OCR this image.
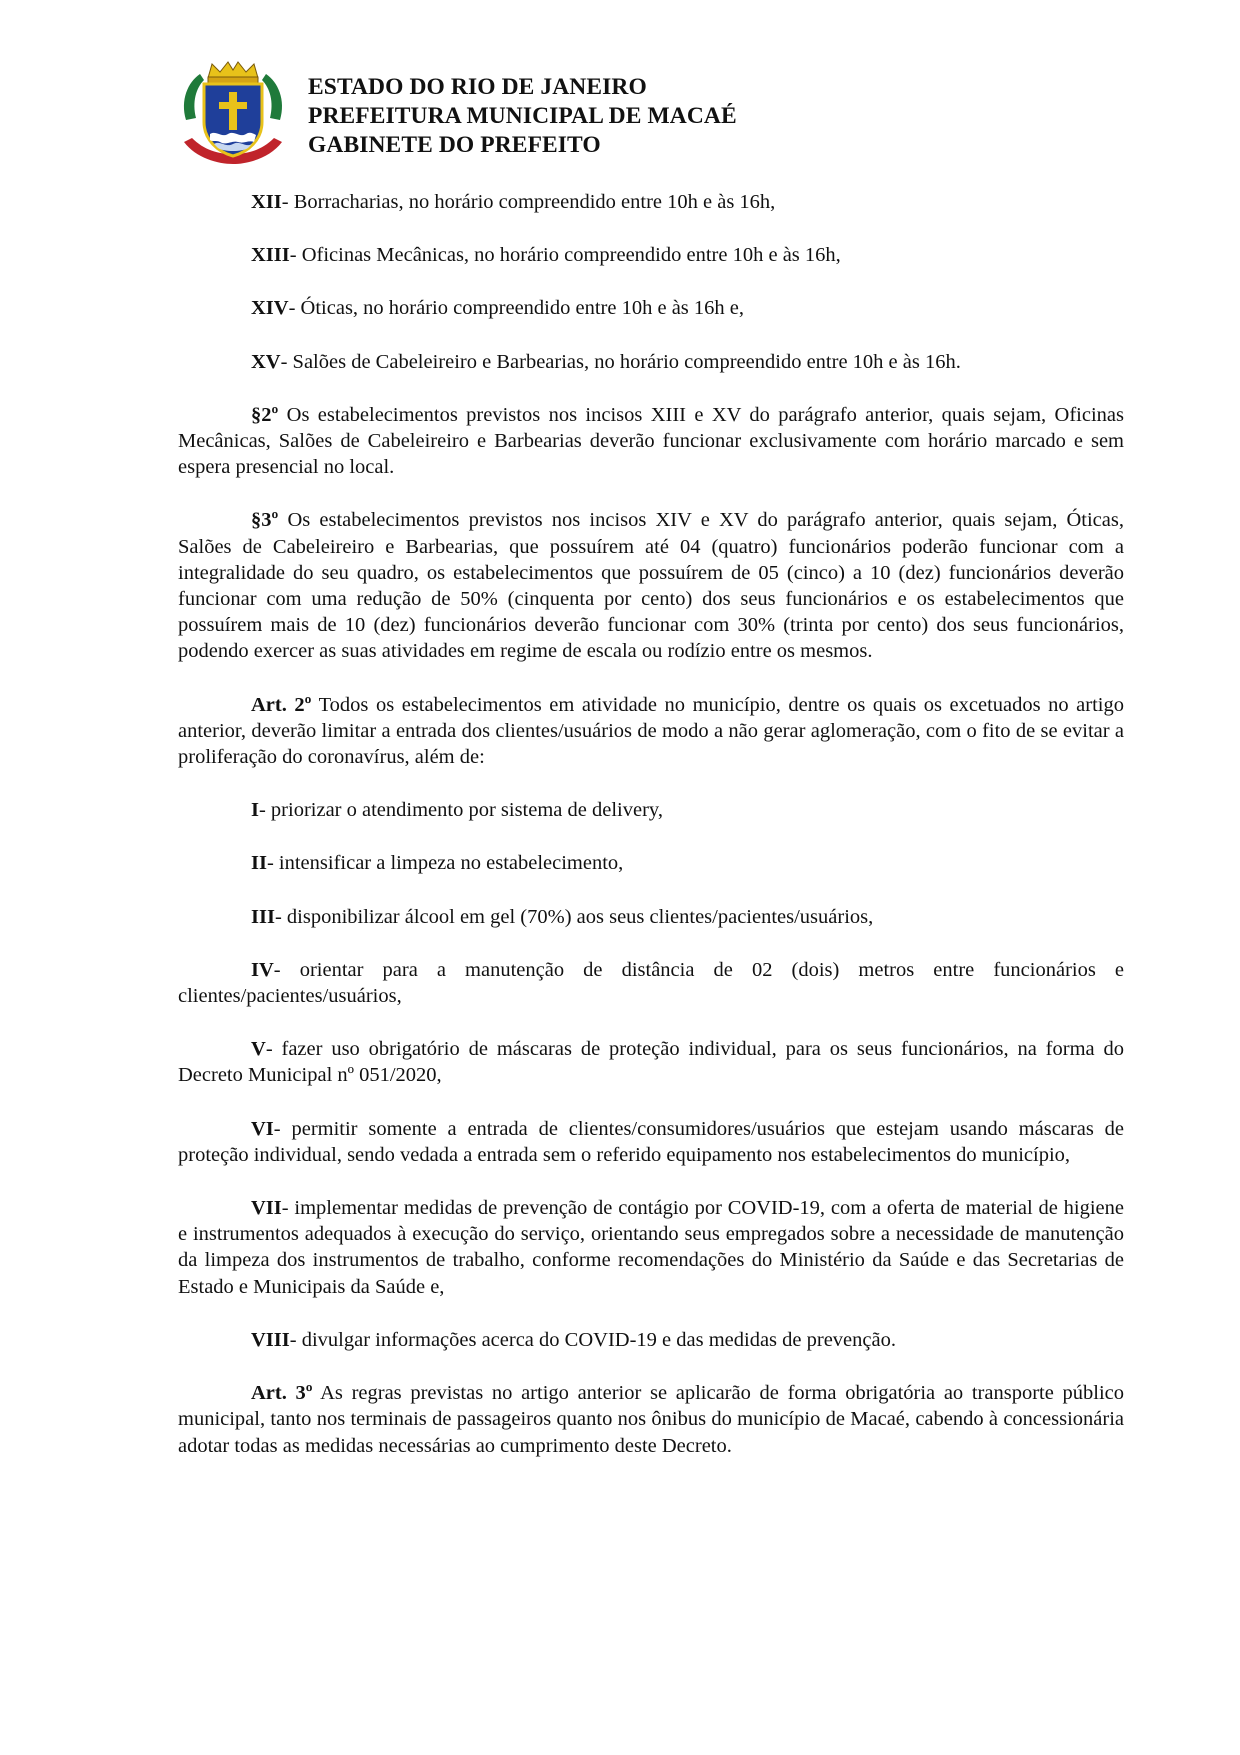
ESTADO DO RIO DE JANEIRO
PREFEITURA MUNICIPAL DE MACAÉ
GABINETE DO PREFEITO
XII- Borracharias, no horário compreendido entre 10h e às 16h,
XIII- Oficinas Mecânicas, no horário compreendido entre 10h e às 16h,
XIV- Óticas, no horário compreendido entre 10h e às 16h e,
XV- Salões de Cabeleireiro e Barbearias, no horário compreendido entre 10h e às 16h.

§2º Os estabelecimentos previstos nos incisos XIII e XV do parágrafo anterior, quais sejam, Oficinas Mecânicas, Salões de Cabeleireiro e Barbearias deverão funcionar exclusivamente com horário marcado e sem espera presencial no local.

§3º Os estabelecimentos previstos nos incisos XIV e XV do parágrafo anterior, quais sejam, Óticas, Salões de Cabeleireiro e Barbearias, que possuírem até 04 (quatro) funcionários poderão funcionar com a integralidade do seu quadro, os estabelecimentos que possuírem de 05 (cinco) a 10 (dez) funcionários deverão funcionar com uma redução de 50% (cinquenta por cento) dos seus funcionários e os estabelecimentos que possuírem mais de 10 (dez) funcionários deverão funcionar com 30% (trinta por cento) dos seus funcionários, podendo exercer as suas atividades em regime de escala ou rodízio entre os mesmos.

Art. 2º Todos os estabelecimentos em atividade no município, dentre os quais os excetuados no artigo anterior, deverão limitar a entrada dos clientes/usuários de modo a não gerar aglomeração, com o fito de se evitar a proliferação do coronavírus, além de:

I- priorizar o atendimento por sistema de delivery,
II- intensificar a limpeza no estabelecimento,
III- disponibilizar álcool em gel (70%) aos seus clientes/pacientes/usuários,

IV- orientar para a manutenção de distância de 02 (dois) metros entre funcionários e clientes/pacientes/usuários,

V- fazer uso obrigatório de máscaras de proteção individual, para os seus funcionários, na forma do Decreto Municipal nº 051/2020,

VI- permitir somente a entrada de clientes/consumidores/usuários que estejam usando máscaras de proteção individual, sendo vedada a entrada sem o referido equipamento nos estabelecimentos do município,

VII- implementar medidas de prevenção de contágio por COVID-19, com a oferta de material de higiene e instrumentos adequados à execução do serviço, orientando seus empregados sobre a necessidade de manutenção da limpeza dos instrumentos de trabalho, conforme recomendações do Ministério da Saúde e das Secretarias de Estado e Municipais da Saúde e,

VIII- divulgar informações acerca do COVID-19 e das medidas de prevenção.

Art. 3º As regras previstas no artigo anterior se aplicarão de forma obrigatória ao transporte público municipal, tanto nos terminais de passageiros quanto nos ônibus do município de Macaé, cabendo à concessionária adotar todas as medidas necessárias ao cumprimento deste Decreto.
